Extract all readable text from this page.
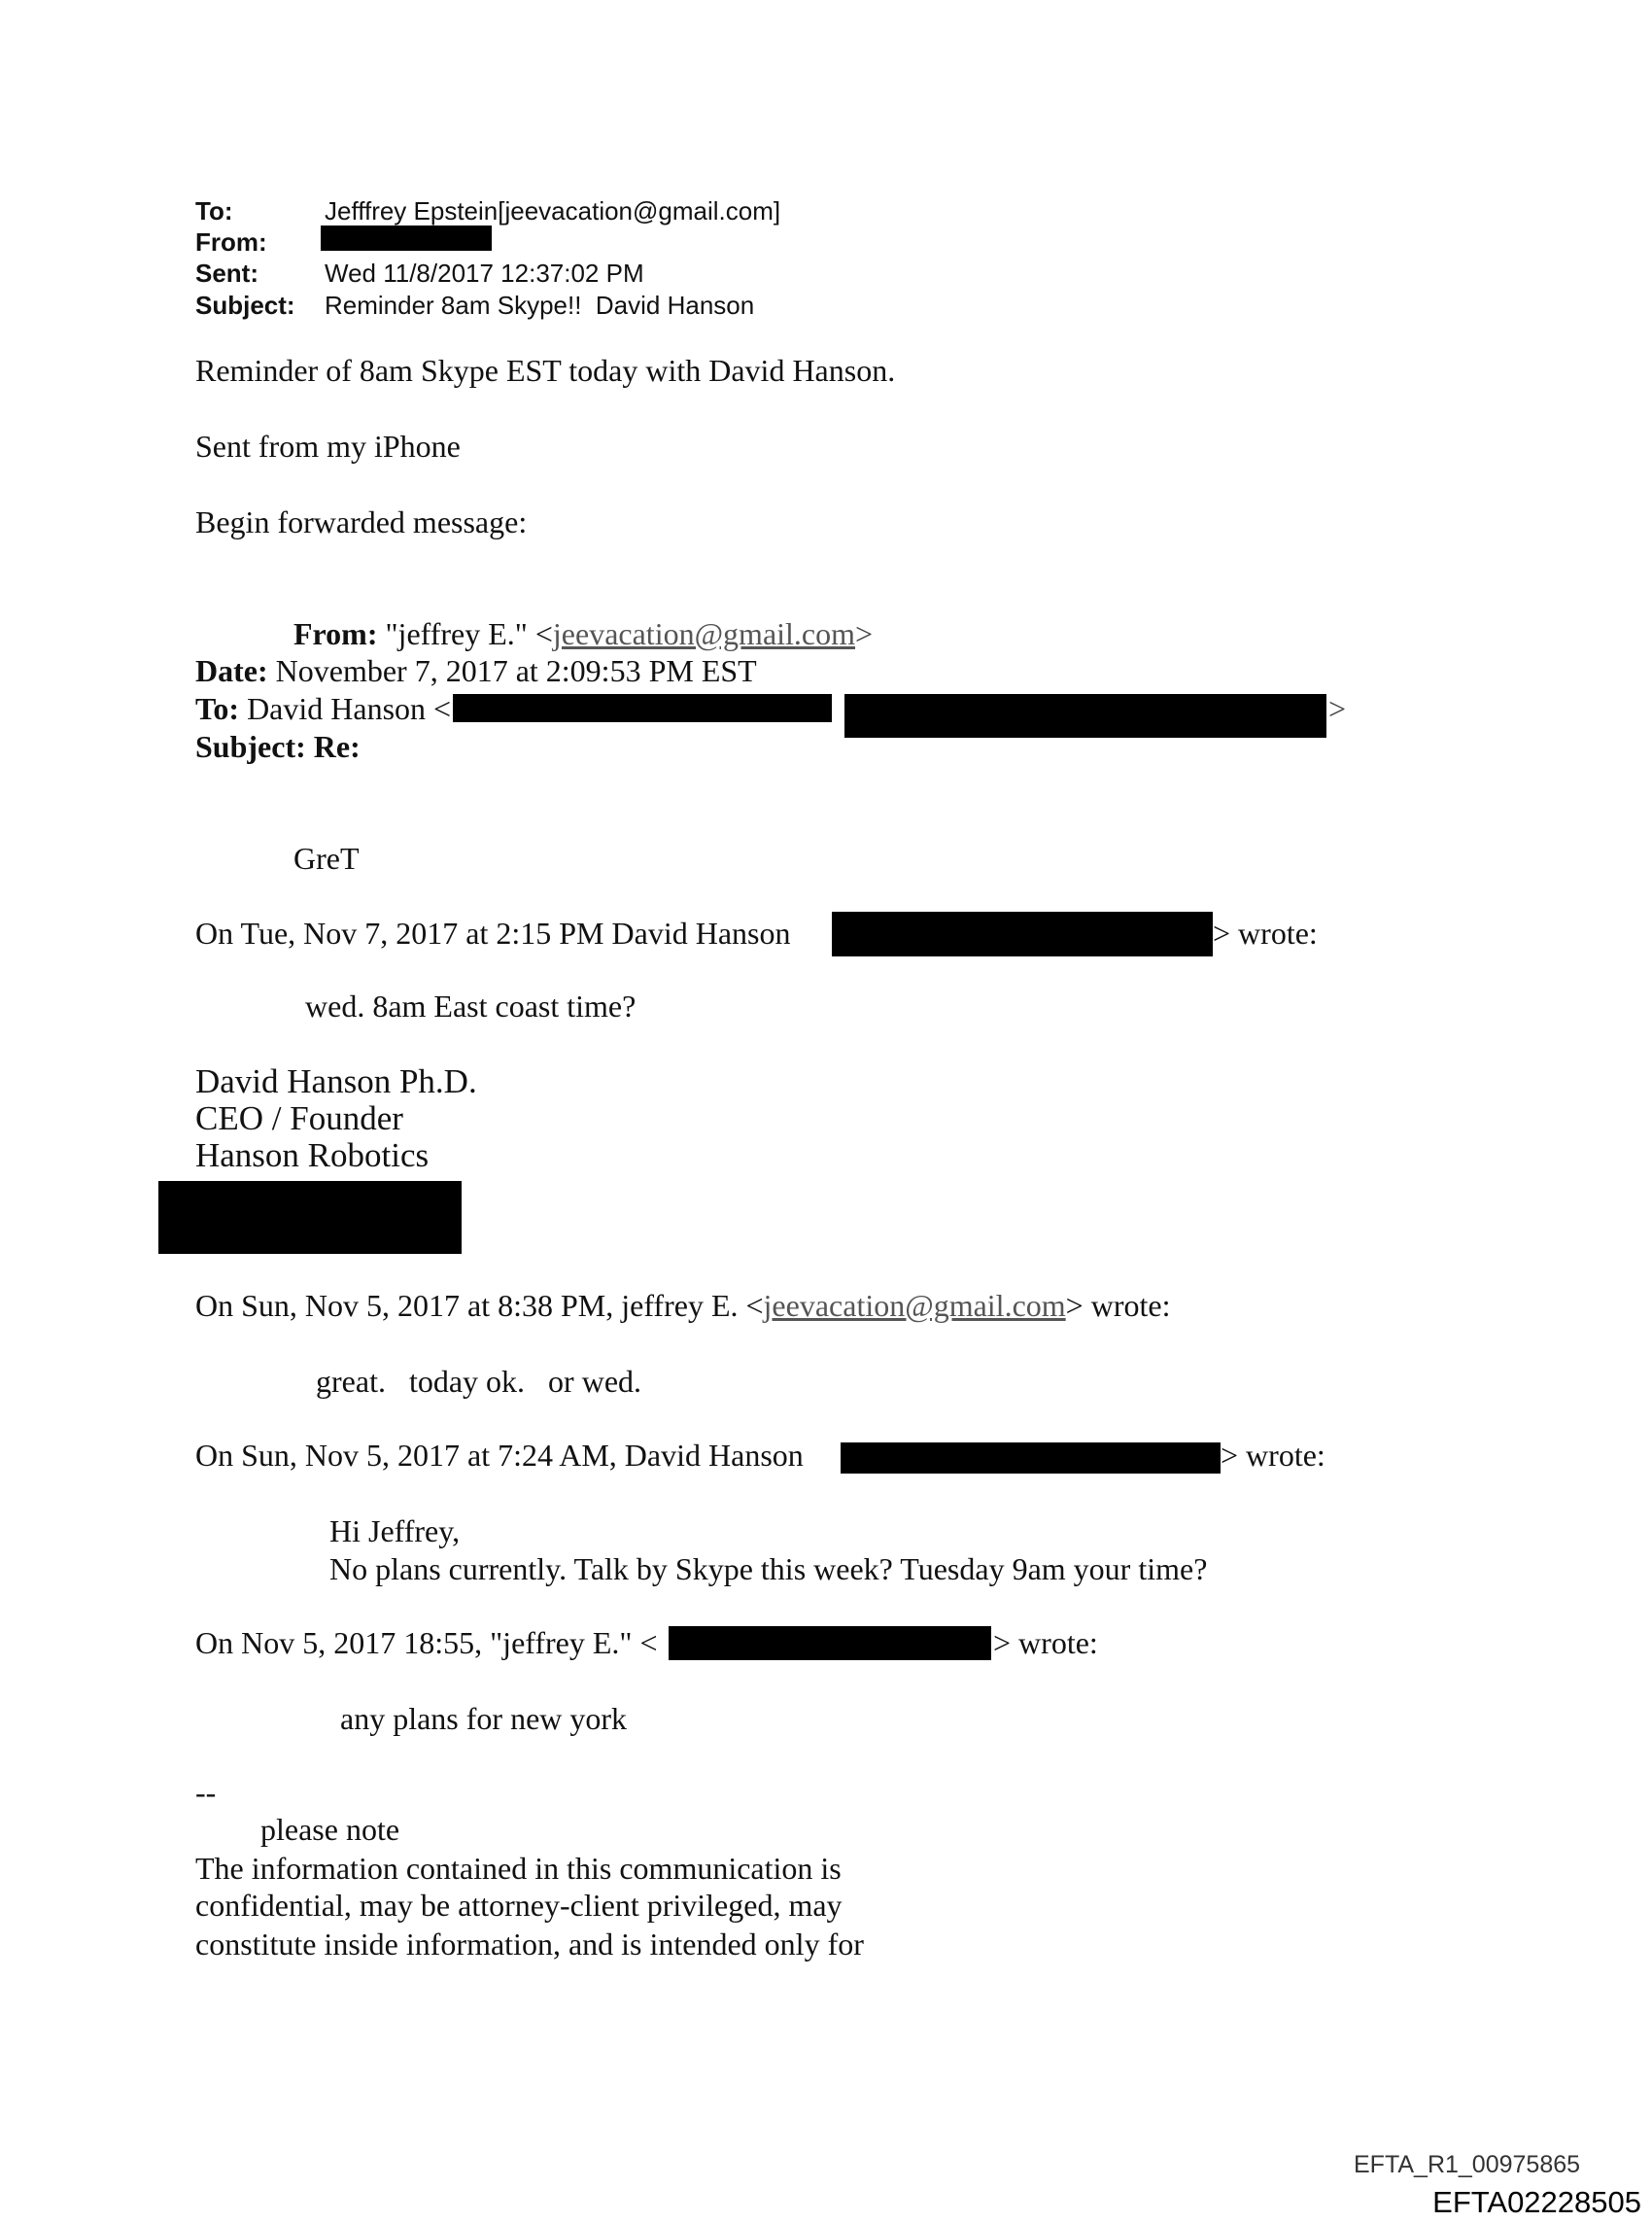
To:	Jefffrey Epstein[jeevacation@gmail.com]
From:
Sent:	Wed 11/8/2017 12:37:02 PM
Subject: Reminder 8am Skype!!  David Hanson
Reminder of 8am Skype EST today with David Hanson.
Sent from my iPhone
Begin forwarded message:
From: "jeffrey E." <jeevacation@gmail.com>
Date: November 7, 2017 at 2:09:53 PM EST
To: David Hanson <	>
Subject: Re:
GreT
On Tue, Nov 7, 2017 at 2:15 PM David Hanson	> wrote:
wed. 8am East coast time?
David Hanson Ph.D.
CEO / Founder
Hanson Robotics
On Sun, Nov 5, 2017 at 8:38 PM, jeffrey E. <jeevacation@gmail.com> wrote:
great.   today ok.   or wed.
On Sun, Nov 5, 2017 at 7:24 AM, David Hanson	> wrote:
Hi Jeffrey,
No plans currently. Talk by Skype this week? Tuesday 9am your time?
On Nov 5, 2017 18:55, "jeffrey E." <	> wrote:
any plans for new york
--
please note
The information contained in this communication is
confidential, may be attorney-client privileged, may
constitute inside information, and is intended only for
EFTA_R1_00975865
EFTA02228505
